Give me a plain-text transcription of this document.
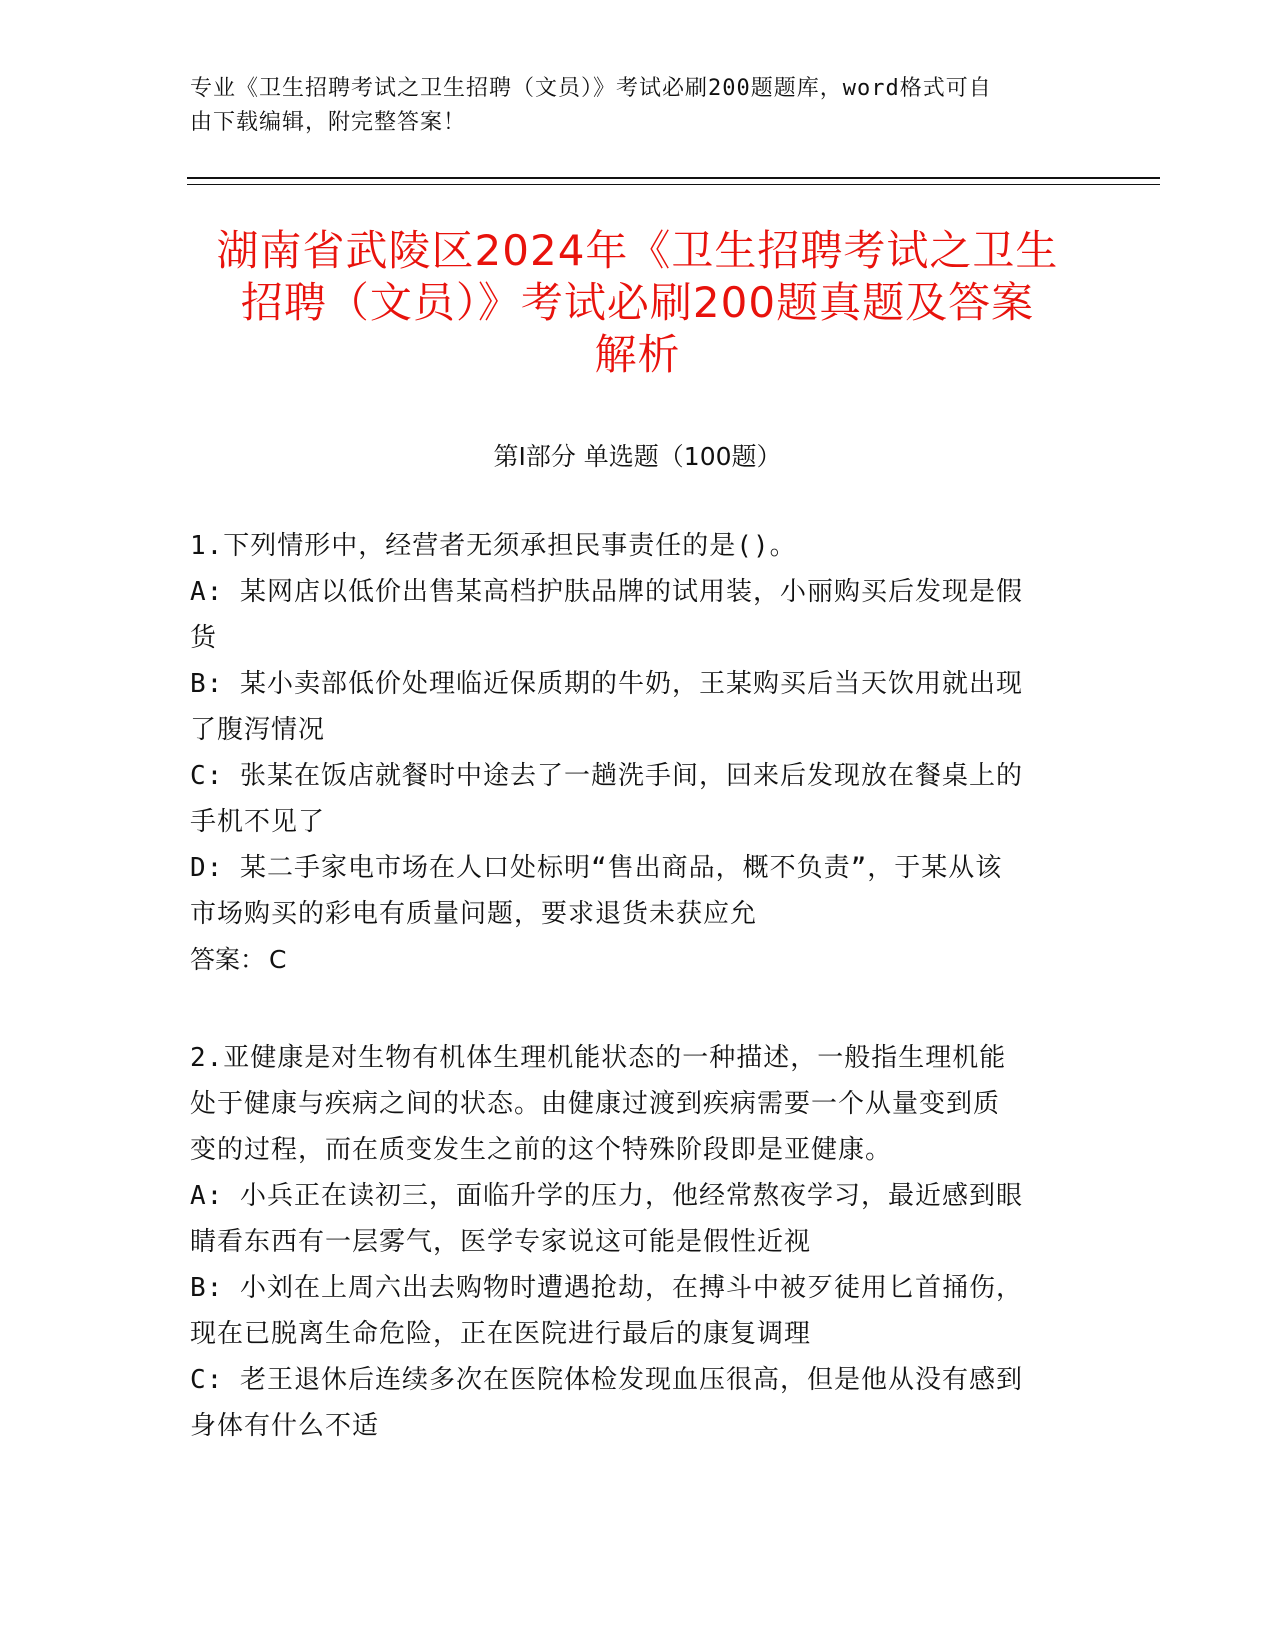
专业《卫生招聘考试之卫生招聘（文员）》考试必刷200题题库，word格式可自
由下载编辑，附完整答案！
湖南省武陵区2024年《卫生招聘考试之卫生
招聘（文员）》考试必刷200题真题及答案
解析
第Ⅰ部分 单选题（100题）

1.下列情形中，经营者无须承担民事责任的是()。

A: 某网店以低价出售某高档护肤品牌的试用装，小丽购买后发现是假

货

B: 某小卖部低价处理临近保质期的牛奶，王某购买后当天饮用就出现

了腹泻情况

C: 张某在饭店就餐时中途去了一趟洗手间，回来后发现放在餐桌上的

手机不见了

D: 某二手家电市场在人口处标明“售出商品，概不负责”，于某从该

市场购买的彩电有质量问题，要求退货未获应允

答案： C

2.亚健康是对生物有机体生理机能状态的一种描述，一般指生理机能

处于健康与疾病之间的状态。由健康过渡到疾病需要一个从量变到质

变的过程，而在质变发生之前的这个特殊阶段即是亚健康。

A: 小兵正在读初三，面临升学的压力，他经常熬夜学习，最近感到眼

睛看东西有一层雾气，医学专家说这可能是假性近视

B: 小刘在上周六出去购物时遭遇抢劫，在搏斗中被歹徒用匕首捅伤，

现在已脱离生命危险，正在医院进行最后的康复调理

C: 老王退休后连续多次在医院体检发现血压很高，但是他从没有感到

身体有什么不适
